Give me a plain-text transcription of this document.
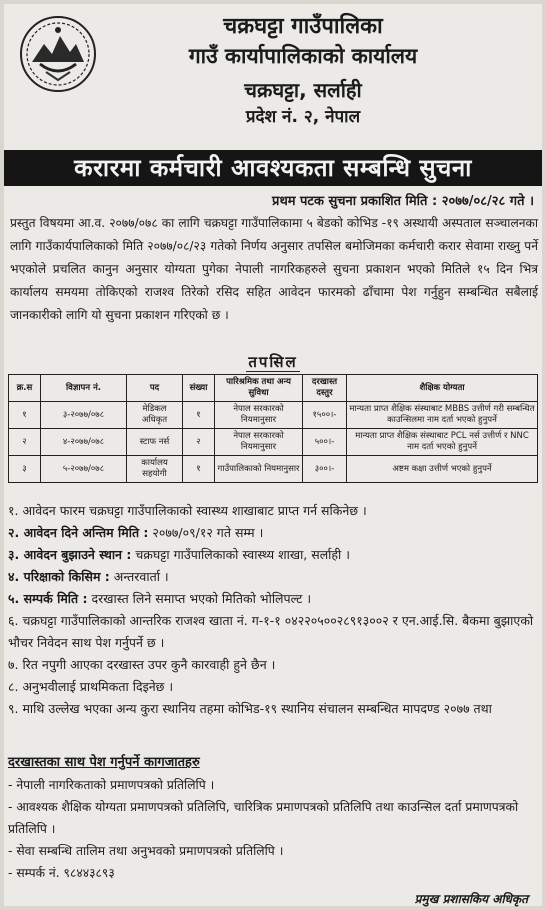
चक्रघट्टा गाउँपालिका
गाउँ कार्यापालिकाको कार्यालय
चक्रघट्टा, सर्लाही
प्रदेश नं. २, नेपाल
करारमा कर्मचारी आवश्यकता सम्बन्धि सुचना
प्रथम पटक सुचना प्रकाशित मिति : २०७७/०८/२८ गते ।
प्रस्तुत विषयमा आ.व. २०७७/०७८ का लागि चक्रघट्टा गाउँपालिकामा ५ बेडको कोभिड -१९ अस्थायी अस्पताल सञ्चालनका लागि गाउँकार्यपालिकाको मिति २०७७/०८/२३ गतेको निर्णय अनुसार तपसिल बमोजिमका कर्मचारी करार सेवामा राख्नु पर्ने भएकोले प्रचलित कानुन अनुसार योग्यता पुगेका नेपाली नागरिकहरुले सुचना प्रकाशन भएको मितिले १५ दिन भित्र कार्यालय समयमा तोकिएको राजश्व तिरेको रसिद सहित आवेदन फारमको ढाँचामा पेश गर्नुहुन सम्बन्धित सबैलाई जानकारीको लागि यो सुचना प्रकाशन गरिएको छ ।
तपसिल
क्र.स	विज्ञापन नं.	पद	संख्या	पारिश्रमिक तथा अन्य सुविधा	दरखास्त दस्तुर	शैक्षिक योग्यता
१	३-२०७७/०७८	मेडिकल अधिकृत	१	नेपाल सरकारको नियमानुसार	१५००।-	मान्यता प्राप्त शैक्षिक संस्थाबाट MBBS उत्तीर्ण गरी सम्बन्धित काउन्सिलमा नाम दर्ता भएको हुनुपर्ने
२	४-२०७७/०७८	स्टाफ नर्स	२	नेपाल सरकारको नियमानुसार	५००।-	मान्यता प्राप्त शैक्षिक संस्थाबाट PCL नर्स उत्तीर्ण र NNC नाम दर्ता भएको हुनुपर्ने
३	५-२०७७/०७८	कार्यालय सहयोगी	१	गाउँपालिकाको नियमानुसार	३००।-	अष्टम कक्षा उत्तीर्ण भएको हुनुपर्ने
१. आवेदन फारम चक्रघट्टा गाउँपालिकाको स्वास्थ्य शाखाबाट प्राप्त गर्न सकिनेछ ।
२. आवेदन दिने अन्तिम मिति : २०७७/०९/१२ गते सम्म ।
३. आवेदन बुझाउने स्थान : चक्रघट्टा गाउँपालिकाको स्वास्थ्य शाखा, सर्लाही ।
४. परिक्षाको किसिम : अन्तरवार्ता ।
५. सम्पर्क मिति : दरखास्त लिने समाप्त भएको मितिको भोलिपल्ट ।
६. चक्रघट्टा गाउँपालिकाको आन्तरिक राजश्व खाता नं. ग-१-१ ०४२२०५००२८९१३००२ र एन.आई.सि. बैकमा बुझाएको भौचर निवेदन साथ पेश गर्नुपर्ने छ ।
७. रित नपुगी आएका दरखास्त उपर कुनै कारवाही हुने छैन ।
८. अनुभवीलाई प्राथमिकता दिइनेछ ।
९. माथि उल्लेख भएका अन्य कुरा स्थानिय तहमा कोभिड-१९ स्थानिय संचालन सम्बन्धित मापदण्ड २०७७ तथा
दरखास्तका साथ पेश गर्नुपर्ने कागजातहरु
- नेपाली नागरिकताको प्रमाणपत्रको प्रतिलिपि ।
- आवश्यक शैक्षिक योग्यता प्रमाणपत्रको प्रतिलिपि, चारित्रिक प्रमाणपत्रको प्रतिलिपि तथा काउन्सिल दर्ता प्रमाणपत्रको प्रतिलिपि ।
- सेवा सम्बन्धि तालिम तथा अनुभवको प्रमाणपत्रको प्रतिलिपि ।
- सम्पर्क नं. ९८४४३८९३
प्रमुख प्रशासकिय अधिकृत
